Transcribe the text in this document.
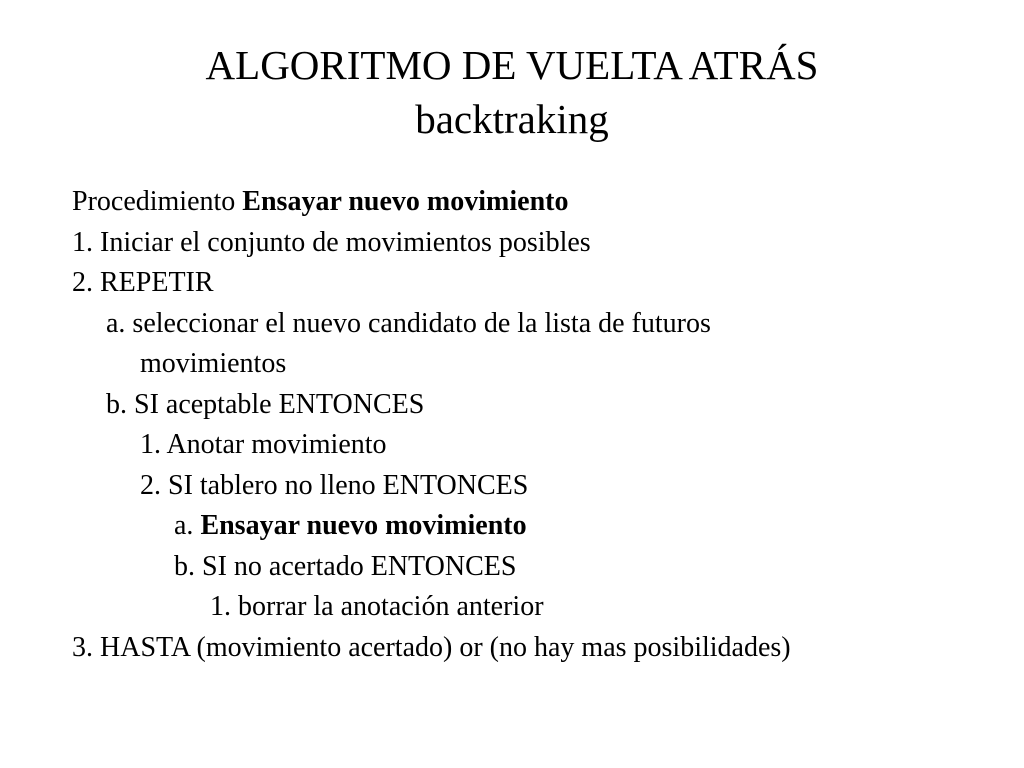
ALGORITMO DE VUELTA ATRÁS
backtraking
Procedimiento Ensayar nuevo movimiento
1. Iniciar el conjunto de movimientos posibles
2. REPETIR
a. seleccionar el nuevo candidato de la lista de futuros
movimientos
b. SI aceptable ENTONCES
1. Anotar movimiento
2. SI tablero no lleno ENTONCES
a. Ensayar nuevo movimiento
b. SI no acertado ENTONCES
1. borrar la anotación anterior
3. HASTA (movimiento acertado) or (no hay mas posibilidades)
